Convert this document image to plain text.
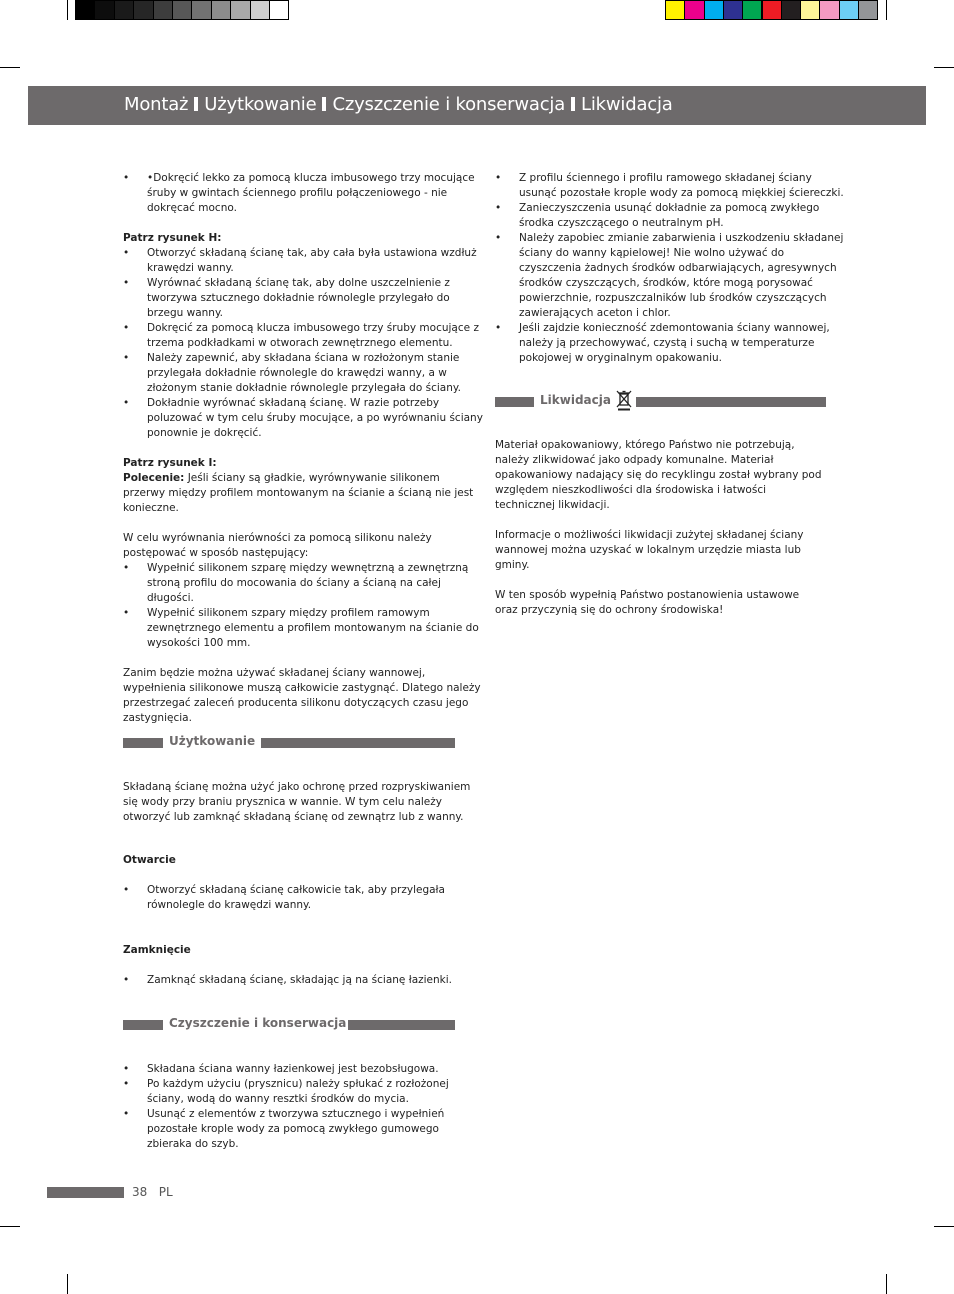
Montaż Użytkowanie Czyszczenie i konserwacja Likwidacja

• •Dokręcić lekko za pomocą klucza imbusowego trzy mocujące śruby w gwintach ściennego profilu połączeniowego - nie dokręcać mocno.

Patrz rysunek H:

• Otworzyć składaną ścianę tak, aby cała była ustawiona wzdłuż krawędzi wanny.

• Wyrównać składaną ścianę tak, aby dolne uszczelnienie z tworzywa sztucznego dokładnie równolegle przylegało do brzegu wanny.

• Dokręcić za pomocą klucza imbusowego trzy śruby mocujące z trzema podkładkami w otworach zewnętrznego elementu.

• Należy zapewnić, aby składana ściana w rozłożonym stanie przylegała dokładnie równolegle do krawędzi wanny, a w złożonym stanie dokładnie równolegle przylegała do ściany.

• Dokładnie wyrównać składaną ścianę. W razie potrzeby poluzować w tym celu śruby mocujące, a po wyrównaniu ściany ponownie je dokręcić.

Patrz rysunek I:

Polecenie: Jeśli ściany są gładkie, wyrównywanie silikonem przerwy między profilem montowanym na ścianie a ścianą nie jest konieczne.

W celu wyrównania nierówności za pomocą silikonu należy postępować w sposób następujący:

• Wypełnić silikonem szparę między wewnętrzną a zewnętrzną stroną profilu do mocowania do ściany a ścianą na całej długości.

• Wypełnić silikonem szpary między profilem ramowym zewnętrznego elementu a profilem montowanym na ścianie do wysokości 100 mm.

Zanim będzie można używać składanej ściany wannowej, wypełnienia silikonowe muszą całkowicie zastygnąć. Dlatego należy przestrzegać zaleceń producenta silikonu dotyczących czasu jego zastygnięcia.

Użytkowanie

Składaną ścianę można użyć jako ochronę przed rozpryskiwaniem się wody przy braniu prysznica w wannie. W tym celu należy otworzyć lub zamknąć składaną ścianę od zewnątrz lub z wanny.

Otwarcie

• Otworzyć składaną ścianę całkowicie tak, aby przylegała równolegle do krawędzi wanny.

Zamknięcie

• Zamknąć składaną ścianę, składając ją na ścianę łazienki.

Czyszczenie i konserwacja

• Składana ściana wanny łazienkowej jest bezobsługowa.

• Po każdym użyciu (prysznicu) należy spłukać z rozłożonej ściany, wodą do wanny resztki środków do mycia.

• Usunąć z elementów z tworzywa sztucznego i wypełnień pozostałe krople wody za pomocą zwykłego gumowego zbieraka do szyb.

• Z profilu ściennego i profilu ramowego składanej ściany usunąć pozostałe krople wody za pomocą miękkiej ściereczki.

• Zanieczyszczenia usunąć dokładnie za pomocą zwykłego środka czyszczącego o neutralnym pH.

• Należy zapobiec zmianie zabarwienia i uszkodzeniu składanej ściany do wanny kąpielowej! Nie wolno używać do czyszczenia żadnych środków odbarwiających, agresywnych środków czyszczących, środków, które mogą porysować powierzchnie, rozpuszczalników lub środków czyszczących zawierających aceton i chlor.

• Jeśli zajdzie konieczność zdemontowania ściany wannowej, należy ją przechowywać, czystą i suchą w temperaturze pokojowej w oryginalnym opakowaniu.

Likwidacja

Materiał opakowaniowy, którego Państwo nie potrzebują, należy zlikwidować jako odpady komunalne. Materiał opakowaniowy nadający się do recyklingu został wybrany pod względem nieszkodliwości dla środowiska i łatwości technicznej likwidacji.

Informacje o możliwości likwidacji zużytej składanej ściany wannowej można uzyskać w lokalnym urzędzie miasta lub gminy.

W ten sposób wypełnią Państwo postanowienia ustawowe oraz przyczynią się do ochrony środowiska!

38 PL
